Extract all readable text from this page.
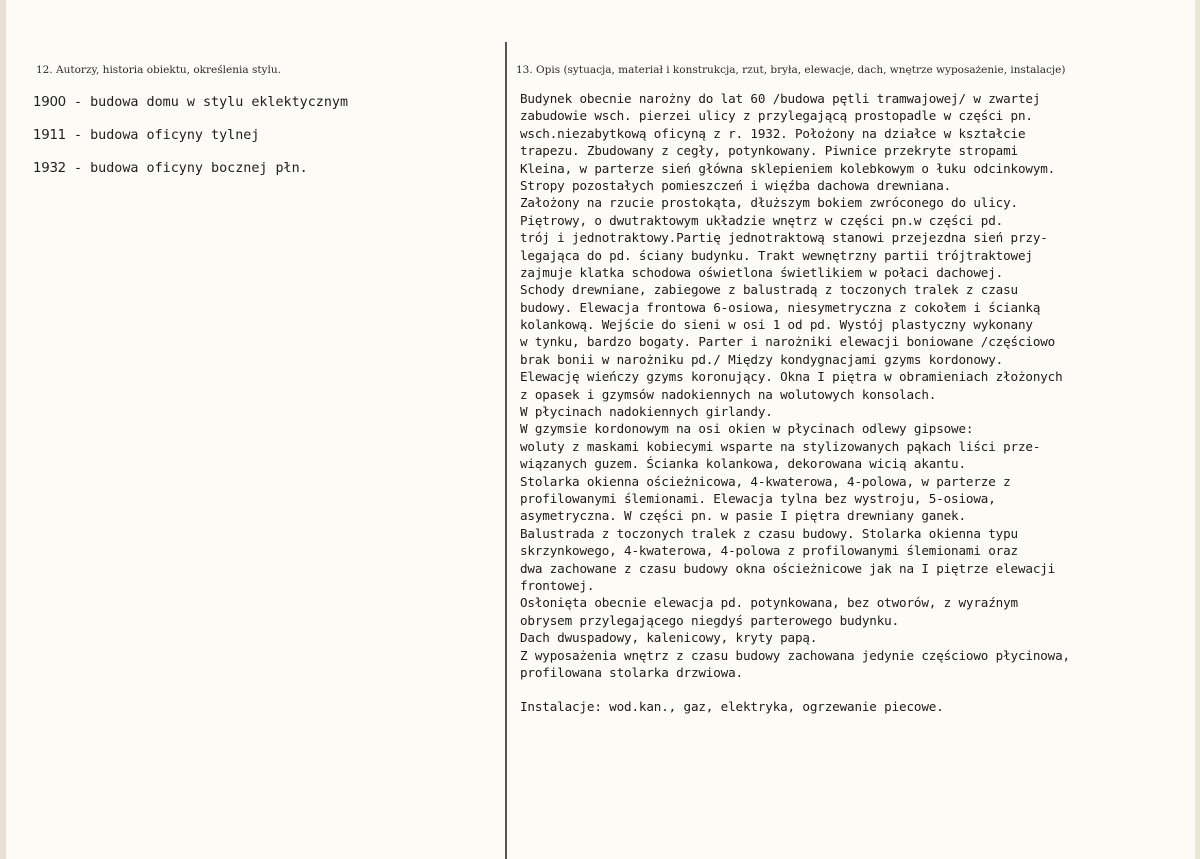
12. Autorzy, historia obiektu, określenia stylu.	13. Opis (sytuacja, materiał i konstrukcja, rzut, bryła, elewacje, dach, wnętrze wyposażenie, instalacje)
1900 - budowa domu w stylu eklektycznym
1911 - budowa oficyny tylnej
1932 - budowa oficyny bocznej płn.
Budynek obecnie narożny do lat 60 /budowa pętli tramwajowej/ w zwartej
zabudowie wsch. pierzei ulicy z przylegającą prostopadle w części pn.
wsch.niezabytkową oficyną z r. 1932. Położony na działce w kształcie
trapezu. Zbudowany z cegły, potynkowany. Piwnice przekryte stropami
Kleina, w parterze sień główna sklepieniem kolebkowym o łuku odcinkowym.
Stropy pozostałych pomieszczeń i więźba dachowa drewniana.
Założony na rzucie prostokąta, dłuższym bokiem zwróconego do ulicy.
Piętrowy, o dwutraktowym układzie wnętrz w części pn.w części pd.
trój i jednotraktowy.Partię jednotraktową stanowi przejezdna sień przy-
legająca do pd. ściany budynku. Trakt wewnętrzny partii trójtraktowej
zajmuje klatka schodowa oświetlona świetlikiem w połaci dachowej.
Schody drewniane, zabiegowe z balustradą z toczonych tralek z czasu
budowy. Elewacja frontowa 6-osiowa, niesymetryczna z cokołem i ścianką
kolankową. Wejście do sieni w osi 1 od pd. Wystój plastyczny wykonany
w tynku, bardzo bogaty. Parter i narożniki elewacji boniowane /częściowo
brak bonii w narożniku pd./ Między kondygnacjami gzyms kordonowy.
Elewację wieńczy gzyms koronujący. Okna I piętra w obramieniach złożonych
z opasek i gzymsów nadokiennych na wolutowych konsolach.
W płycinach nadokiennych girlandy.
W gzymsie kordonowym na osi okien w płycinach odlewy gipsowe:
woluty z maskami kobiecymi wsparte na stylizowanych pąkach liści prze-
wiązanych guzem. Ścianka kolankowa, dekorowana wicią akantu.
Stolarka okienna ościeżnicowa, 4-kwaterowa, 4-polowa, w parterze z
profilowanymi ślemionami. Elewacja tylna bez wystroju, 5-osiowa,
asymetryczna. W części pn. w pasie I piętra drewniany ganek.
Balustrada z toczonych tralek z czasu budowy. Stolarka okienna typu
skrzynkowego, 4-kwaterowa, 4-polowa z profilowanymi ślemionami oraz
dwa zachowane z czasu budowy okna ościeżnicowe jak na I piętrze elewacji
frontowej.
Osłonięta obecnie elewacja pd. potynkowana, bez otworów, z wyraźnym
obrysem przylegającego niegdyś parterowego budynku.
Dach dwuspadowy, kalenicowy, kryty papą.
Z wyposażenia wnętrz z czasu budowy zachowana jedynie częściowo płycinowa,
profilowana stolarka drzwiowa.
Instalacje: wod.kan., gaz, elektryka, ogrzewanie piecowe.
